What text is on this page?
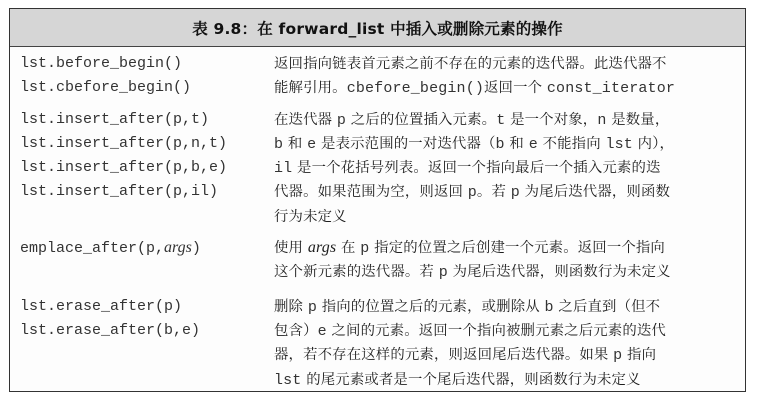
表 9.8：在 forward_list 中插入或删除元素的操作
lst.before_begin()
lst.cbefore_begin()
返回指向链表首元素之前不存在的元素的迭代器。此迭代器不
能解引用。cbefore_begin()返回一个 const_iterator
lst.insert_after(p,t)
lst.insert_after(p,n,t)
lst.insert_after(p,b,e)
lst.insert_after(p,il)
在迭代器 p 之后的位置插入元素。t 是一个对象，n 是数量，
b 和 e 是表示范围的一对迭代器（b 和 e 不能指向 lst 内），
il 是一个花括号列表。返回一个指向最后一个插入元素的迭
代器。如果范围为空，则返回 p。若 p 为尾后迭代器，则函数
行为未定义
emplace_after(p,args)	使用 args 在 p 指定的位置之后创建一个元素。返回一个指向
这个新元素的迭代器。若 p 为尾后迭代器，则函数行为未定义
lst.erase_after(p)
lst.erase_after(b,e)
删除 p 指向的位置之后的元素，或删除从 b 之后直到（但不
包含）e 之间的元素。返回一个指向被删元素之后元素的迭代
器，若不存在这样的元素，则返回尾后迭代器。如果 p 指向
lst 的尾元素或者是一个尾后迭代器，则函数行为未定义
